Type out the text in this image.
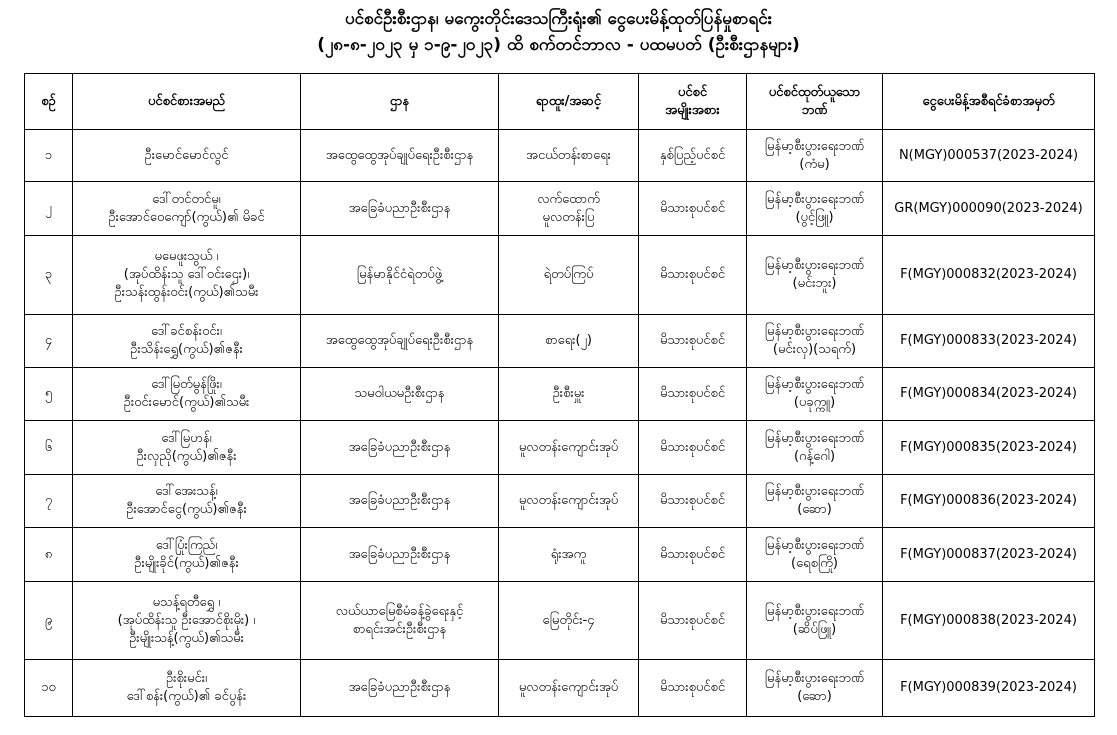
ပင်စင်ဦးစီးဌာန၊ မကွေးတိုင်းဒေသကြီးရုံး၏ ငွေပေးမိန့်ထုတ်ပြန်မှုစာရင်း
(၂၈-၈-၂၀၂၃ မှ ၁-၉-၂၀၂၃) ထိ စက်တင်ဘာလ - ပထမပတ် (ဦးစီးဌာနများ)
စဉ်	ပင်စင်စားအမည်	ဌာန	ရာထူး/အဆင့်	ပင်စင်
အမျိုးအစား	ပင်စင်ထုတ်ယူသော
ဘဏ်	ငွေပေးမိန့်အစီရင်ခံစာအမှတ်

၁	ဦးမောင်မောင်လွင်	အထွေထွေအုပ်ချုပ်ရေးဦးစီးဌာန	အငယ်တန်းစာရေး	နှစ်ပြည့်ပင်စင်	မြန်မာ့စီးပွားရေးဘဏ်
(ကံမ)	N(MGY)000537(2023-2024)

၂	ဒေါ်တင်တင်မူ၊
ဦးအောင်ဝေကျော်(ကွယ်)၏ မိခင်	အခြေခံပညာဦးစီးဌာန	လက်ထောက်
မူလတန်းပြ	မိသားစုပင်စင်	မြန်မာ့စီးပွားရေးဘဏ်
(ပွင့်ဖြူ)	GR(MGY)000090(2023-2024)

၃	မမေဖူးသွယ် ၊
(အုပ်ထိန်းသူ ဒေါ်ဝင်းဌေး)၊
ဦးသန်းထွန်းဝင်း(ကွယ်)၏သမီး	မြန်မာနိုင်ငံရဲတပ်ဖွဲ့	ရဲတပ်ကြပ်	မိသားစုပင်စင်	မြန်မာ့စီးပွားရေးဘဏ်
(မင်းဘူး)	F(MGY)000832(2023-2024)

၄	ဒေါ်ခင်စန်းဝင်း၊
ဦးသိန်းရွှေ(ကွယ်)၏ဇနီး	အထွေထွေအုပ်ချုပ်ရေးဦးစီးဌာန	စာရေး(၂)	မိသားစုပင်စင်	မြန်မာ့စီးပွားရေးဘဏ်
(မင်းလှ)(သရက်)	F(MGY)000833(2023-2024)

၅	ဒေါ်မြတ်မွန်ဖြိုး၊
ဦးဝင်းမောင်(ကွယ်)၏သမီး	သမဝါယမဦးစီးဌာန	ဦးစီးမှူး	မိသားစုပင်စင်	မြန်မာ့စီးပွားရေးဘဏ်
(ပခုက္ကူ)	F(MGY)000834(2023-2024)

၆	ဒေါ်မြဟန်၊
ဦးလှညို(ကွယ်)၏ဇနီး	အခြေခံပညာဦးစီးဌာန	မူလတန်းကျောင်းအုပ်	မိသားစုပင်စင်	မြန်မာ့စီးပွားရေးဘဏ်
(ဂန့်ဂေါ)	F(MGY)000835(2023-2024)

၇	ဒေါ်အေးသန့်၊
ဦးအောင်ငွေ(ကွယ်)၏ဇနီး	အခြေခံပညာဦးစီးဌာန	မူလတန်းကျောင်းအုပ်	မိသားစုပင်စင်	မြန်မာ့စီးပွားရေးဘဏ်
(ဆော)	F(MGY)000836(2023-2024)

၈	ဒေါ်ပြုံးကြည်၊
ဦးမျိုးခိုင်(ကွယ်)၏ဇနီး	အခြေခံပညာဦးစီးဌာန	ရုံးအကူ	မိသားစုပင်စင်	မြန်မာ့စီးပွားရေးဘဏ်
(ရေစကြို)	F(MGY)000837(2023-2024)

၉	မသန့်ရတီရွှေ ၊
(အုပ်ထိန်းသူ ဦးအောင်စိုးမိုး) ၊
ဦးမျိုးသန့်(ကွယ်)၏သမီး	လယ်ယာမြေစီမံခန့်ခွဲရေးနှင့်
စာရင်းအင်းဦးစီးဌာန	မြေတိုင်း-၄	မိသားစုပင်စင်	မြန်မာ့စီးပွားရေးဘဏ်
(ဆိပ်ဖြူ)	F(MGY)000838(2023-2024)

၁၀	ဦးစိုးမင်း၊
ဒေါ်စန်း(ကွယ်)၏ ခင်ပွန်း	အခြေခံပညာဦးစီးဌာန	မူလတန်းကျောင်းအုပ်	မိသားစုပင်စင်	မြန်မာ့စီးပွားရေးဘဏ်
(ဆော)	F(MGY)000839(2023-2024)
